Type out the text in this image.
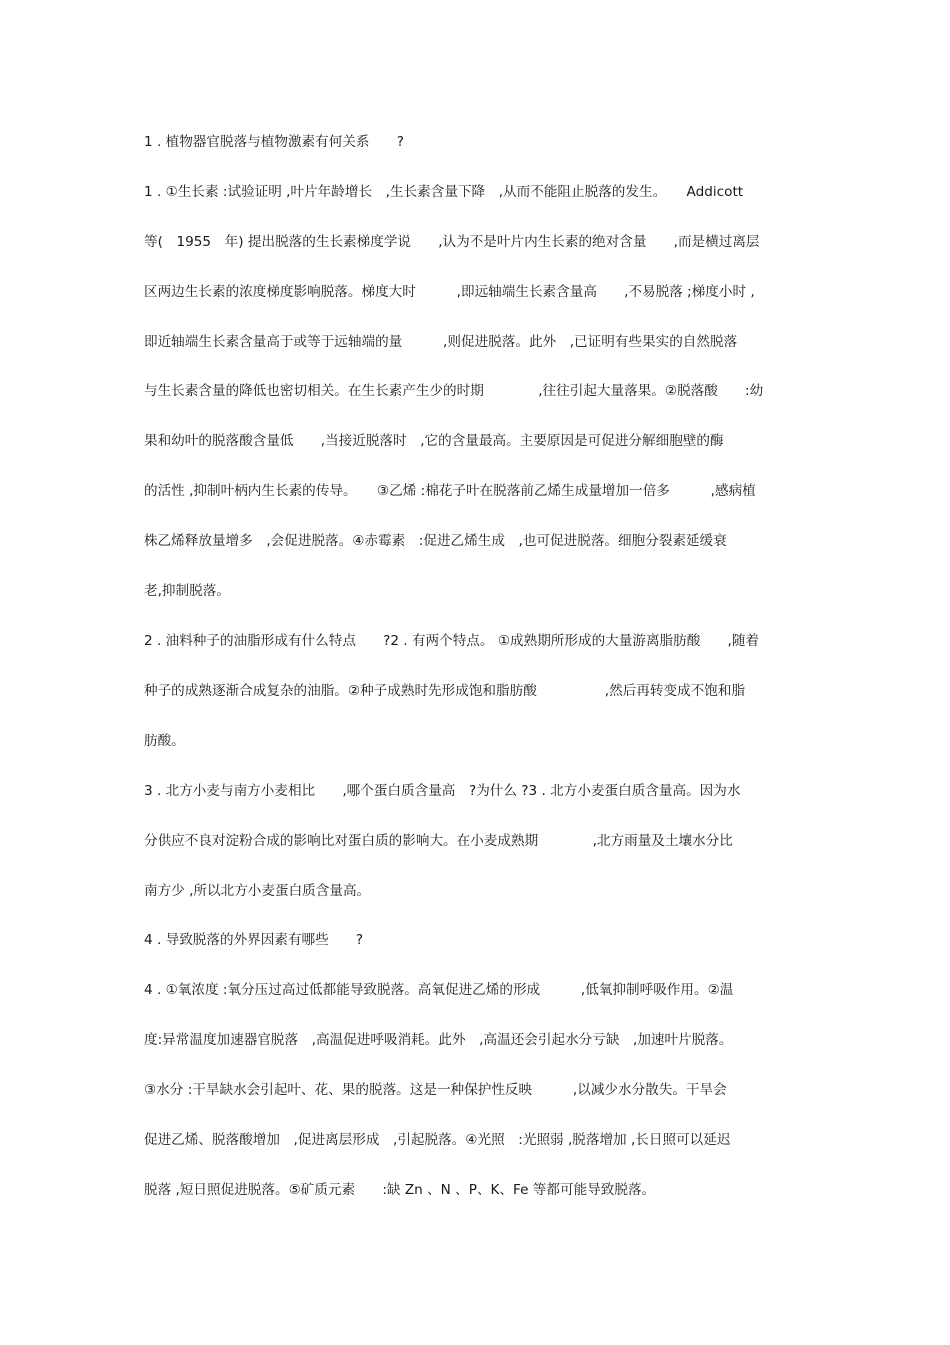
1 . 植物器官脱落与植物激素有何关系　　?
1 . ①生长素 :试验证明 ,叶片年龄增长　,生长素含量下降　,从而不能阻止脱落的发生。　　Addicott
等(　1955　年) 提出脱落的生长素梯度学说　　,认为不是叶片内生长素的绝对含量　　,而是横过离层
区两边生长素的浓度梯度影响脱落。梯度大时　　　,即远轴端生长素含量高　　,不易脱落 ;梯度小时 ,
即近轴端生长素含量高于或等于远轴端的量　　　,则促进脱落。此外　,已证明有些果实的自然脱落
与生长素含量的降低也密切相关。在生长素产生少的时期　　　　,往往引起大量落果。②脱落酸　　:幼
果和幼叶的脱落酸含量低　　,当接近脱落时　,它的含量最高。主要原因是可促进分解细胞壁的酶
的活性 ,抑制叶柄内生长素的传导。　　③乙烯 :棉花子叶在脱落前乙烯生成量增加一倍多　　　,感病植
株乙烯释放量增多　,会促进脱落。④赤霉素　:促进乙烯生成　,也可促进脱落。细胞分裂素延缓衰
老,抑制脱落。
2 . 油料种子的油脂形成有什么特点　　?2 . 有两个特点。 ①成熟期所形成的大量游离脂肪酸　　,随着
种子的成熟逐渐合成复杂的油脂。②种子成熟时先形成饱和脂肪酸　　　　　,然后再转变成不饱和脂
肪酸。
3 . 北方小麦与南方小麦相比　　,哪个蛋白质含量高　?为什么 ?3 . 北方小麦蛋白质含量高。因为水
分供应不良对淀粉合成的影响比对蛋白质的影响大。在小麦成熟期　　　　,北方雨量及土壤水分比
南方少 ,所以北方小麦蛋白质含量高。
4 . 导致脱落的外界因素有哪些　　?
4 . ①氧浓度 :氧分压过高过低都能导致脱落。高氧促进乙烯的形成　　　,低氧抑制呼吸作用。②温
度:异常温度加速器官脱落　,高温促进呼吸消耗。此外　,高温还会引起水分亏缺　,加速叶片脱落。
③水分 :干旱缺水会引起叶、花、果的脱落。这是一种保护性反映　　　,以减少水分散失。干旱会
促进乙烯、脱落酸增加　,促进离层形成　,引起脱落。④光照　:光照弱 ,脱落增加 ,长日照可以延迟
脱落 ,短日照促进脱落。⑤矿质元素　　:缺 Zn 、N 、P、K、Fe 等都可能导致脱落。
